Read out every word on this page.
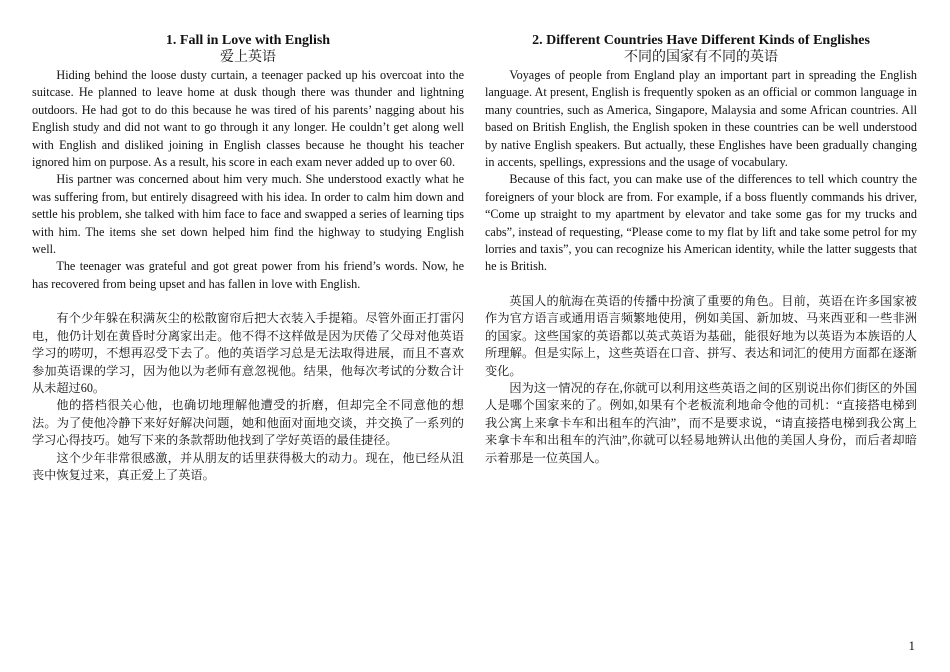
1. Fall in Love with English
爱上英语

Hiding behind the loose dusty curtain, a teenager packed up his overcoat into the suitcase. He planned to leave home at dusk though there was thunder and lightning outdoors. He had got to do this because he was tired of his parents’ nagging about his English study and did not want to go through it any longer. He couldn’t get along well with English and disliked joining in English classes because he thought his teacher ignored him on purpose. As a result, his score in each exam never added up to over 60.

His partner was concerned about him very much. She understood exactly what he was suffering from, but entirely disagreed with his idea. In order to calm him down and settle his problem, she talked with him face to face and swapped a series of learning tips with him. The items she set down helped him find the highway to studying English well.

The teenager was grateful and got great power from his friend’s words. Now, he has recovered from being upset and has fallen in love with English.

有个少年躲在积满灰尘的松散窗帘后把大衣装入手提箱。尽管外面正打雷闪电，他仍计划在黄昏时分离家出走。他不得不这样做是因为厌倦了父母对他英语学习的唠叨，不想再忍受下去了。他的英语学习总是无法取得进展，而且不喜欢参加英语课的学习，因为他以为老师有意忽视他。结果，他每次考试的分数合计从未超过60。

他的搭档很关心他，也确切地理解他遭受的折磨，但却完全不同意他的想法。为了使他冷静下来好好解决问题，她和他面对面地交谈，并交换了一系列的学习心得技巧。她写下来的条款帮助他找到了学好英语的最佳捷径。

这个少年非常很感激，并从朋友的话里获得极大的动力。现在，他已经从沮丧中恢复过来，真正爱上了英语。

2. Different Countries Have Different Kinds of Englishes
不同的国家有不同的英语

Voyages of people from England play an important part in spreading the English language. At present, English is frequently spoken as an official or common language in many countries, such as America, Singapore, Malaysia and some African countries. All based on British English, the English spoken in these countries can be well understood by native English speakers. But actually, these Englishes have been gradually changing in accents, spellings, expressions and the usage of vocabulary.

Because of this fact, you can make use of the differences to tell which country the foreigners of your block are from. For example, if a boss fluently commands his driver, “Come up straight to my apartment by elevator and take some gas for my trucks and cabs”, instead of requesting, “Please come to my flat by lift and take some petrol for my lorries and taxis”, you can recognize his American identity, while the latter suggests that he is British.

英国人的航海在英语的传播中扮演了重要的角色。目前，英语在许多国家被作为官方语言或通用语言频繁地使用，例如美国、新加坡、马来西亚和一些非洲的国家。这些国家的英语都以英式英语为基础，能很好地为以英语为本族语的人所理解。但是实际上，这些英语在口音、拼写、表达和词汇的使用方面都在逐渐变化。

因为这一情况的存在,你就可以利用这些英语之间的区别说出你们街区的外国人是哪个国家来的了。例如,如果有个老板流利地命令他的司机：“直接搭电梯到我公寓上来拿卡车和出租车的汽油”，而不是要求说，“请直接搭电梯到我公寓上来拿卡车和出租车的汽油”,你就可以轻易地辨认出他的美国人身份，而后者却暗示着那是一位英国人。

1
